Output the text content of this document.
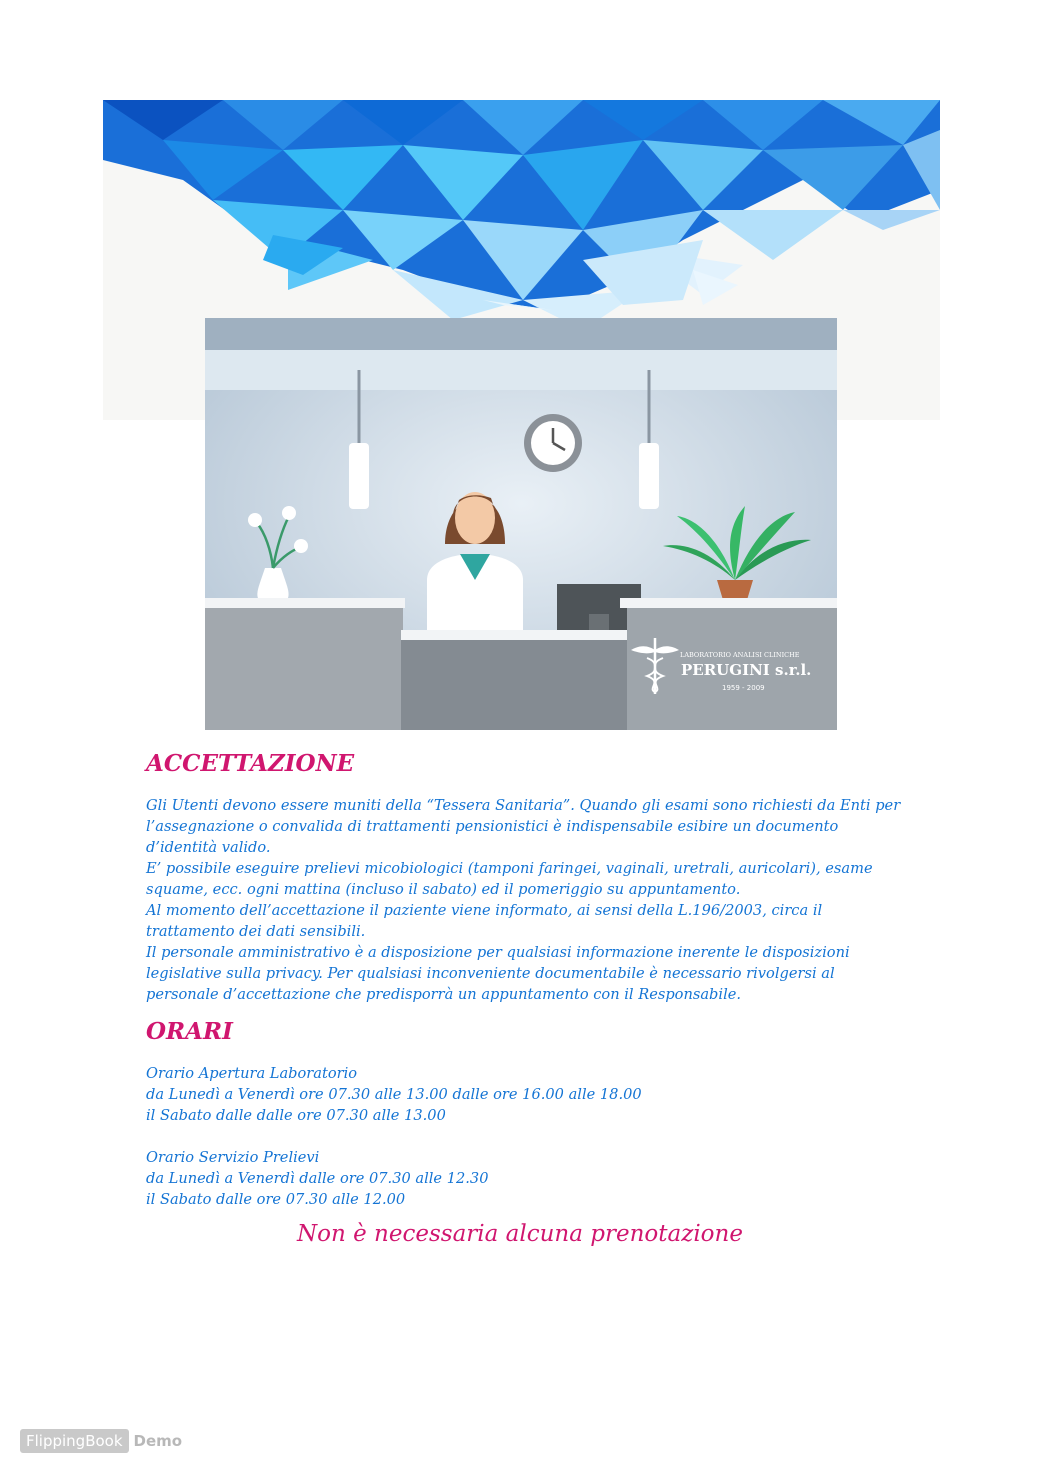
LABORATORIO ANALISI CLINICHE
PERUGINI s.r.l.
1959 - 2009
ACCETTAZIONE
Gli Utenti devono essere muniti della “Tessera Sanitaria”. Quando gli esami sono richiesti da Enti per
l’assegnazione o convalida di trattamenti pensionistici è indispensabile esibire un documento
d’identità valido.
E’ possibile eseguire prelievi micobiologici (tamponi faringei, vaginali, uretrali, auricolari), esame
squame, ecc. ogni mattina (incluso il sabato) ed il pomeriggio su appuntamento.
Al momento dell’accettazione il paziente viene informato, ai sensi della L.196/2003, circa il
trattamento dei dati sensibili.
Il personale amministrativo è a disposizione per qualsiasi informazione inerente le disposizioni
legislative sulla privacy. Per qualsiasi inconveniente documentabile è necessario rivolgersi al
personale d’accettazione che predisporrà un appuntamento con il Responsabile.
ORARI
Orario Apertura Laboratorio
da Lunedì a Venerdì ore 07.30 alle 13.00 dalle ore 16.00 alle 18.00
il Sabato dalle dalle ore 07.30 alle 13.00
Orario Servizio Prelievi
da Lunedì a Venerdì dalle ore 07.30 alle 12.30
il Sabato dalle ore 07.30 alle 12.00
Non è necessaria alcuna prenotazione
FlippingBook Demo
